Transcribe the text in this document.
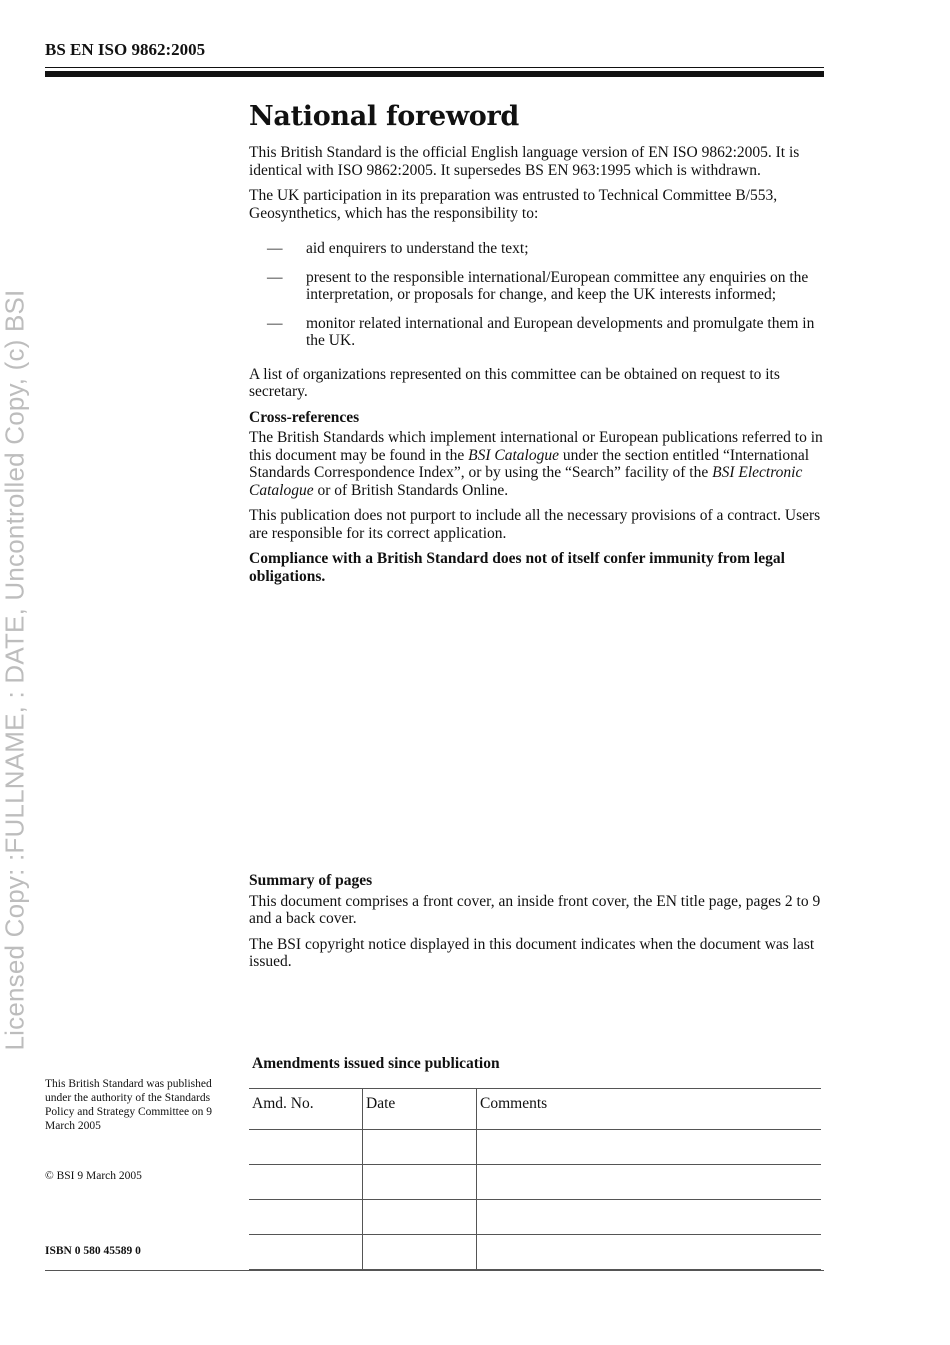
BS EN ISO 9862:2005
Licensed Copy: :FULLNAME, : DATE, Uncontrolled Copy, (c) BSI
National foreword

This British Standard is the official English language version of EN ISO 9862:2005. It is identical with ISO 9862:2005. It supersedes BS EN 963:1995 which is withdrawn.

The UK participation in its preparation was entrusted to Technical Committee B/553, Geosynthetics, which has the responsibility to:

—	aid enquirers to understand the text;
—	present to the responsible international/European committee any enquiries on the interpretation, or proposals for change, and keep the UK interests informed;
—	monitor related international and European developments and promulgate them in the UK.

A list of organizations represented on this committee can be obtained on request to its secretary.

Cross-references

The British Standards which implement international or European publications referred to in this document may be found in the BSI Catalogue under the section entitled “International Standards Correspondence Index”, or by using the “Search” facility of the BSI Electronic Catalogue or of British Standards Online.

This publication does not purport to include all the necessary provisions of a contract. Users are responsible for its correct application.

Compliance with a British Standard does not of itself confer immunity from legal obligations.

Summary of pages

This document comprises a front cover, an inside front cover, the EN title page, pages 2 to 9 and a back cover.

The BSI copyright notice displayed in this document indicates when the document was last issued.

Amendments issued since publication
Amd. No.	Date	Comments

This British Standard was published under the authority of the Standards Policy and Strategy Committee on 9 March 2005

© BSI 9 March 2005
ISBN 0 580 45589 0
